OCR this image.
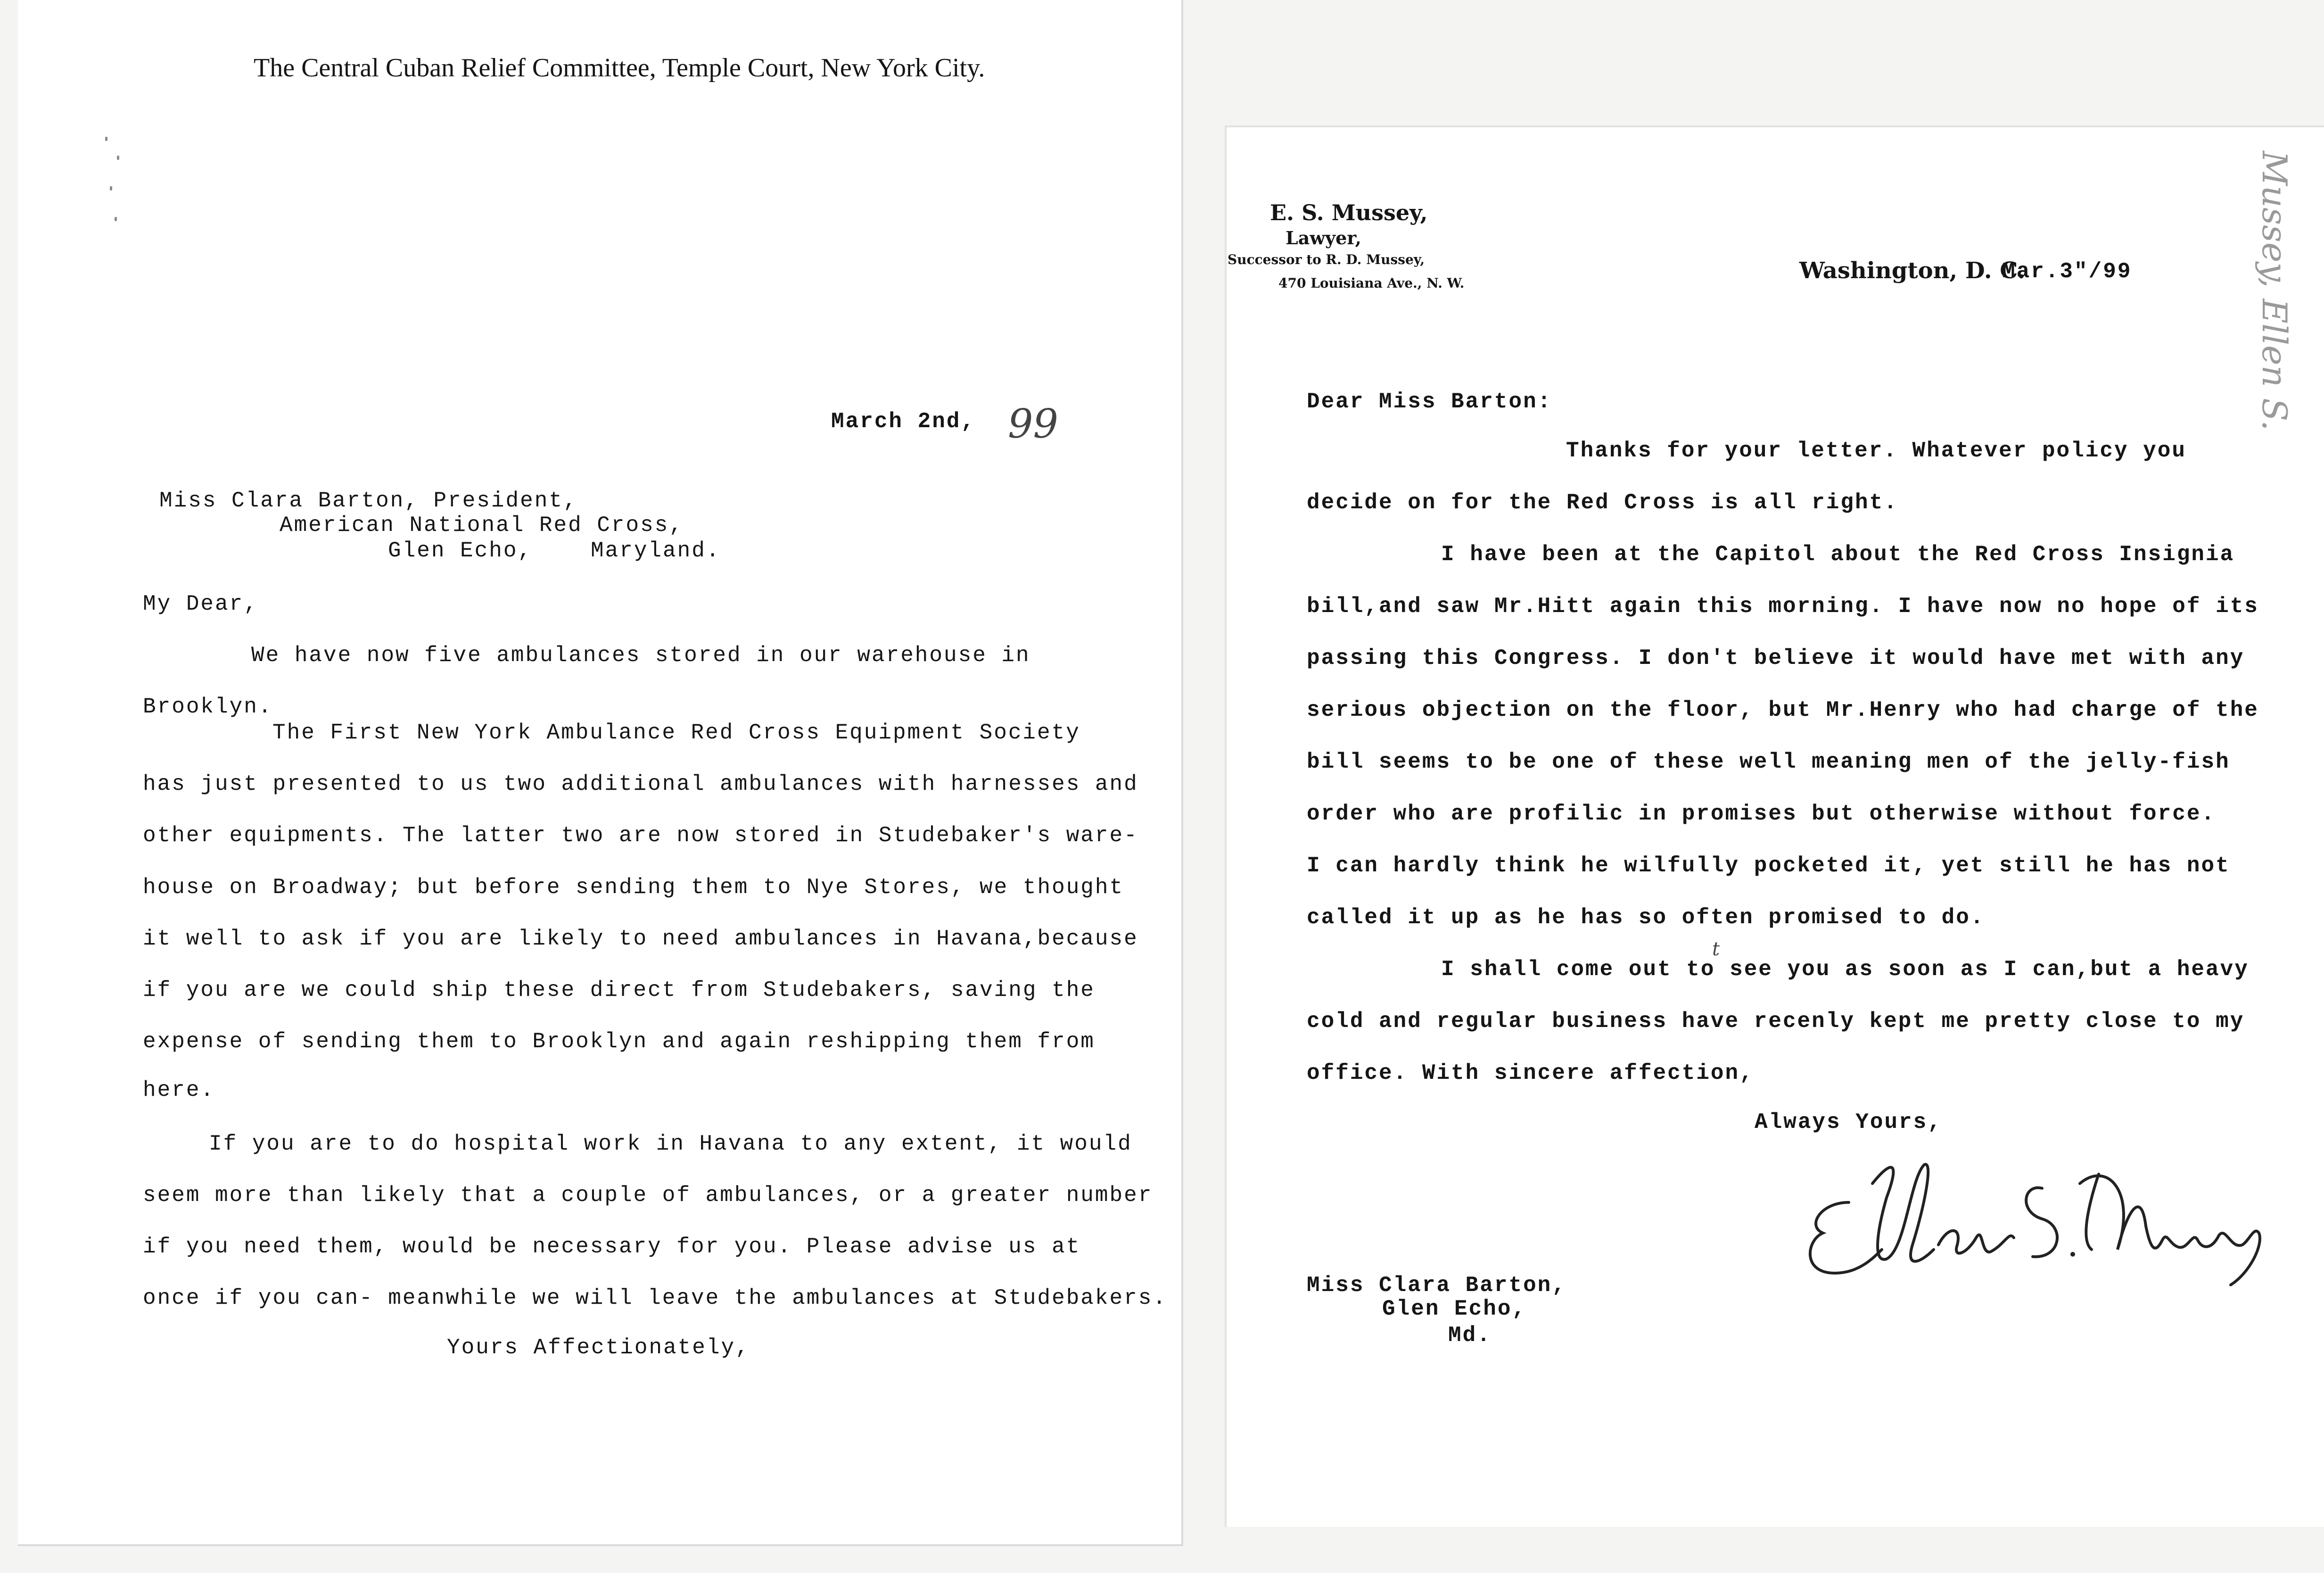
The Central Cuban Relief Committee, Temple Court, New York City.
March 2nd, 99
Miss Clara Barton, President,
American National Red Cross,
Glen Echo,	Maryland.
My Dear,
We have now five ambulances stored in our warehouse in
Brooklyn.
The First New York Ambulance Red Cross Equipment Society
has just presented to us two additional ambulances with harnesses and
other equipments. The latter two are now stored in Studebaker's ware-
house on Broadway; but before sending them to Nye Stores, we thought
it well to ask if you are likely to need ambulances in Havana,because
if you are we could ship these direct from Studebakers, saving the
expense of sending them to Brooklyn and again reshipping them from
here.
If you are to do hospital work in Havana to any extent, it would
seem more than likely that a couple of ambulances, or a greater number
if you need them, would be necessary for you. Please advise us at
once if you can- meanwhile we will leave the ambulances at Studebakers.
Yours Affectionately,
E. S. Mussey,
Lawyer,
Successor to R. D. Mussey,
470 Louisiana Ave., N. W.	Washington, D. C.
Mar.3"/99	Mussey, Ellen S.
Dear Miss Barton:
Thanks for your letter. Whatever policy you
decide on for the Red Cross is all right.
I have been at the Capitol about the Red Cross Insignia
bill,and saw Mr.Hitt again this morning. I have now no hope of its
passing this Congress. I don't believe it would have met with any
serious objection on the floor, but Mr.Henry who had charge of the
bill seems to be one of these well meaning men of the jelly-fish
order who are profilic in promises but otherwise without force.
I can hardly think he wilfully pocketed it, yet still he has not
called it up as he has so often promised to do.
I shall come out to see you as soon as I can,but a heavy
t
cold and regular business have recenly kept me pretty close to my
office. With sincere affection,
Always Yours,
Miss Clara Barton,
Glen Echo,
Md.
